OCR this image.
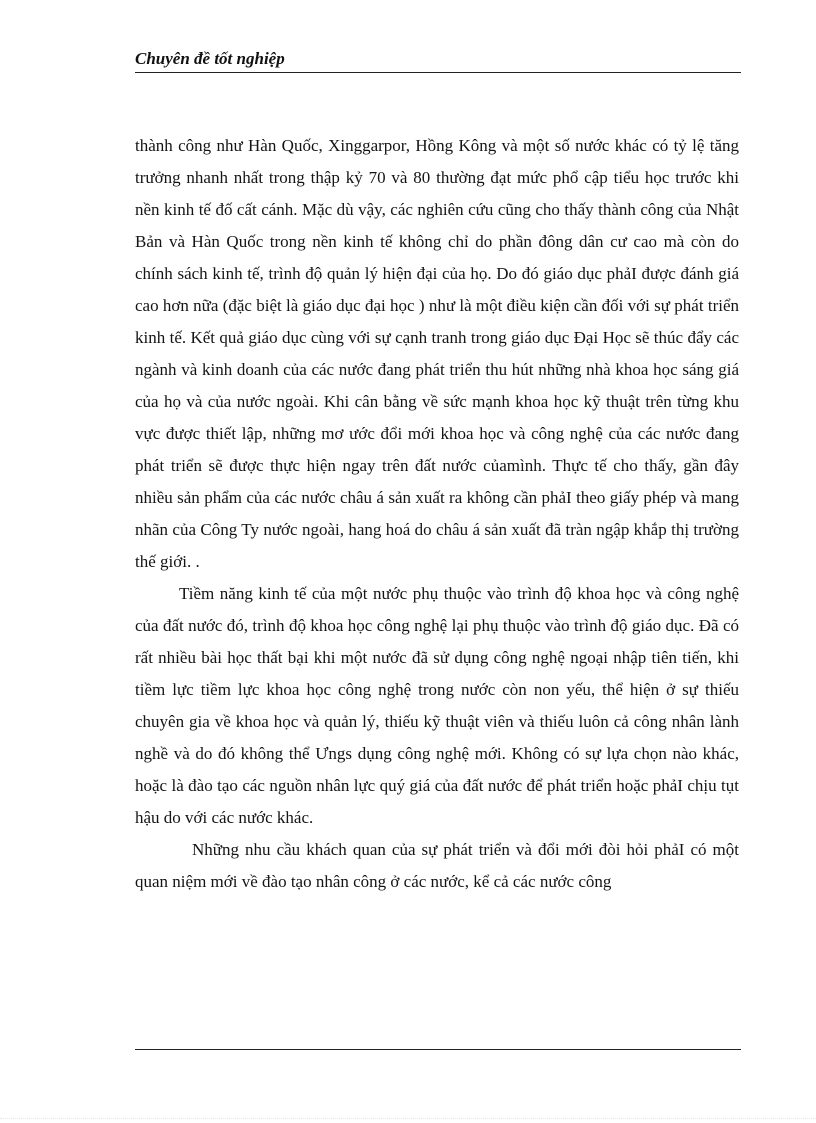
Chuyên đề tốt nghiệp

thành công như Hàn Quốc, Xinggarpor, Hồng Kông và một số nước khác có tỷ lệ tăng trưởng nhanh nhất trong thập kỷ 70 và 80 thường đạt mức phổ cập tiểu học trước khi nền kinh tế đố cất cánh. Mặc dù vậy, các nghiên cứu cũng cho thấy thành công của Nhật Bản và Hàn Quốc trong nền kinh tế không chỉ do phần đông dân cư cao mà còn do chính sách kinh tế, trình độ quản lý hiện đại của họ. Do đó giáo dục phảI được đánh giá cao hơn nữa (đặc biệt là giáo dục đại học ) như là một điều kiện cần đối với sự phát triển kinh tế. Kết quả giáo dục cùng với sự cạnh tranh trong giáo dục Đại Học sẽ thúc đẩy các ngành và kinh doanh của các nước đang phát triển thu hút những nhà khoa học sáng giá của họ và của nước ngoài. Khi cân bằng về sức mạnh khoa học kỹ thuật trên từng khu vực được thiết lập, những mơ ước đổi mới khoa học và công nghệ của các nước đang phát triển sẽ được thực hiện ngay trên đất nước củamình. Thực tế cho thấy, gần đây nhiều sản phẩm của các nước châu á sản xuất ra không cần phảI theo giấy phép và mang nhãn của Công Ty nước ngoài, hang hoá do châu á sản xuất đã tràn ngập khắp thị trường thế giới. .

Tiềm năng kinh tế của một nước phụ thuộc vào trình độ khoa học và công nghệ của đất nước đó, trình độ khoa học công nghệ lại phụ thuộc vào trình độ giáo dục. Đã có rất nhiều bài học thất bại khi một nước đã sử dụng công nghệ ngoại nhập tiên tiến, khi tiềm lực tiềm lực khoa học công nghệ trong nước còn non yếu, thể hiện ở sự thiếu chuyên gia về khoa học và quản lý, thiếu kỹ thuật viên và thiếu luôn cả công nhân lành nghề và do đó không thể Ưngs dụng công nghệ mới. Không có sự lựa chọn nào khác, hoặc là đào tạo các nguồn nhân lực quý giá của đất nước để phát triển hoặc phảI chịu tụt hậu do với các nước khác.

Những nhu cầu khách quan của sự phát triển và đổi mới đòi hỏi phảI có một quan niệm mới về đào tạo nhân công ở các nước, kể cả các nước công
